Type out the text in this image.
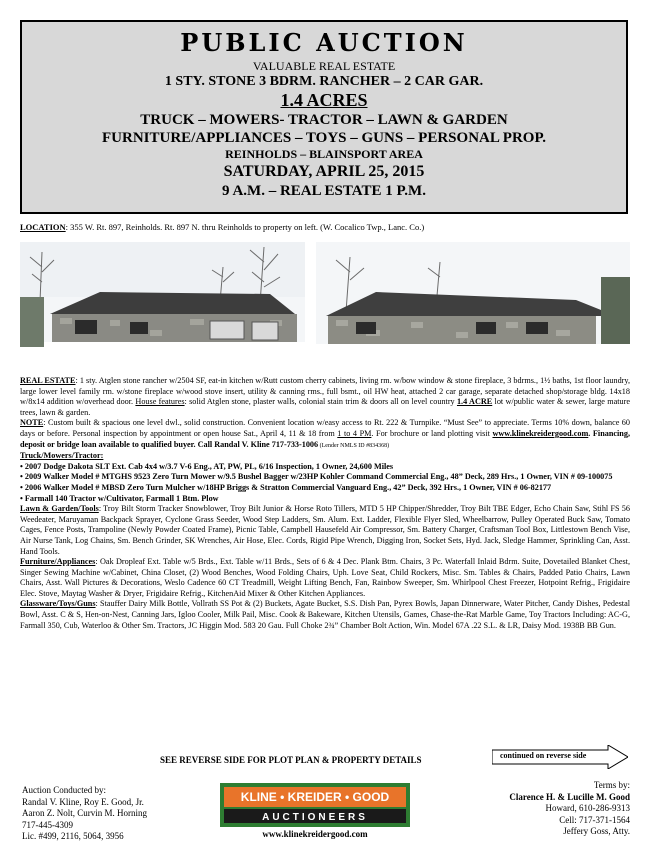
PUBLIC AUCTION
VALUABLE REAL ESTATE
1 STY. STONE 3 BDRM. RANCHER – 2 CAR GAR.
1.4 ACRES
TRUCK – MOWERS- TRACTOR – LAWN & GARDEN
FURNITURE/APPLIANCES – TOYS – GUNS – PERSONAL PROP.
REINHOLDS – BLAINSPORT AREA
SATURDAY, APRIL 25, 2015
9 A.M. – REAL ESTATE 1 P.M.
LOCATION: 355 W. Rt. 897, Reinholds. Rt. 897 N. thru Reinholds to property on left. (W. Cocalico Twp., Lanc. Co.)

REAL ESTATE: 1 sty. Atglen stone rancher w/2504 SF, eat-in kitchen w/Rutt custom cherry cabinets, living rm. w/bow window & stone fireplace, 3 bdrms., 1½ baths, 1st floor laundry, large lower level family rm. w/stone fireplace w/wood stove insert, utility & canning rms., full bsmt., oil HW heat, attached 2 car garage, separate detached shop/storage bldg. 14x18 w/8x14 addition w/overhead door. House features: solid Atglen stone, plaster walls, colonial stain trim & doors all on level country 1.4 ACRE lot w/public water & sewer, large mature trees, lawn & garden.

NOTE: Custom built & spacious one level dwl., solid construction. Convenient location w/easy access to Rt. 222 & Turnpike. “Must See” to appreciate. Terms 10% down, balance 60 days or before. Personal inspection by appointment or open house Sat., April 4, 11 & 18 from 1 to 4 PM. For brochure or land plotting visit www.klinekreidergood.com. Financing, deposit or bridge loan available to qualified buyer. Call Randal V. Kline 717-733-1006 (Lender NMLS ID #834368)

Truck/Mowers/Tractor:

• 2007 Dodge Dakota SLT Ext. Cab 4x4 w/3.7 V-6 Eng., AT, PW, PL, 6/16 Inspection, 1 Owner, 24,600 Miles

• 2009 Walker Model # MTGHS 9523 Zero Turn Mower w/9.5 Bushel Bagger w/23HP Kohler Command Commercial Eng., 48” Deck, 289 Hrs., 1 Owner, VIN # 09-100075

• 2006 Walker Model # MBSD Zero Turn Mulcher w/18HP Briggs & Stratton Commercial Vanguard Eng., 42” Deck, 392 Hrs., 1 Owner, VIN # 06-82177

• Farmall 140 Tractor w/Cultivator, Farmall 1 Btm. Plow

Lawn & Garden/Tools: Troy Bilt Storm Tracker Snowblower, Troy Bilt Junior & Horse Roto Tillers, MTD 5 HP Chipper/Shredder, Troy Bilt TBE Edger, Echo Chain Saw, Stihl FS 56 Weedeater, Maruyaman Backpack Sprayer, Cyclone Grass Seeder, Wood Step Ladders, Sm. Alum. Ext. Ladder, Flexible Flyer Sled, Wheelbarrow, Pulley Operated Buck Saw, Tomato Cages, Fence Posts, Trampoline (Newly Powder Coated Frame), Picnic Table, Campbell Hausefeld Air Compressor, Sm. Battery Charger, Craftsman Tool Box, Littlestown Bench Vise, Air Nurse Tank, Log Chains, Sm. Bench Grinder, SK Wrenches, Air Hose, Elec. Cords, Rigid Pipe Wrench, Digging Iron, Socket Sets, Hyd. Jack, Sledge Hammer, Sprinkling Can, Asst. Hand Tools.

Furniture/Appliances: Oak Dropleaf Ext. Table w/5 Brds., Ext. Table w/11 Brds., Sets of 6 & 4 Dec. Plank Btm. Chairs, 3 Pc. Waterfall Inlaid Bdrm. Suite, Dovetailed Blanket Chest, Singer Sewing Machine w/Cabinet, China Closet, (2) Wood Benches, Wood Folding Chairs, Uph. Love Seat, Child Rockers, Misc. Sm. Tables & Chairs, Padded Patio Chairs, Lawn Chairs, Asst. Wall Pictures & Decorations, Weslo Cadence 60 CT Treadmill, Weight Lifting Bench, Fan, Rainbow Sweeper, Sm. Whirlpool Chest Freezer, Hotpoint Refrig., Frigidaire Elec. Stove, Maytag Washer & Dryer, Frigidaire Refrig., KitchenAid Mixer & Other Kitchen Appliances.

Glassware/Toys/Guns: Stauffer Dairy Milk Bottle, Vollrath SS Pot & (2) Buckets, Agate Bucket, S.S. Dish Pan, Pyrex Bowls, Japan Dinnerware, Water Pitcher, Candy Dishes, Pedestal Bowl, Asst. C & S, Hen-on-Nest, Canning Jars, Igloo Cooler, Milk Pail, Misc. Cook & Bakeware, Kitchen Utensils, Games, Chase-the-Rat Marble Game, Toy Tractors Including: AC-G, Farmall 350, Cub, Waterloo & Other Sm. Tractors, JC Higgin Mod. 583 20 Gau. Full Choke 2¾” Chamber Bolt Action, Win. Model 67A .22 S.L. & LR, Daisy Mod. 1938B BB Gun.

SEE REVERSE SIDE FOR PLOT PLAN & PROPERTY DETAILS	continued on reverse side
Auction Conducted by:
Randal V. Kline, Roy E. Good, Jr.
Aaron Z. Nolt, Curvin M. Horning
717-445-4309
Lic. #499, 2116, 5064, 3956
KLINE • KREIDER • GOOD
AUCTIONEERS
www.klinekreidergood.com
Terms by:
Clarence H. & Lucille M. Good
Howard, 610-286-9313
Cell: 717-371-1564
Jeffery Goss, Atty.
